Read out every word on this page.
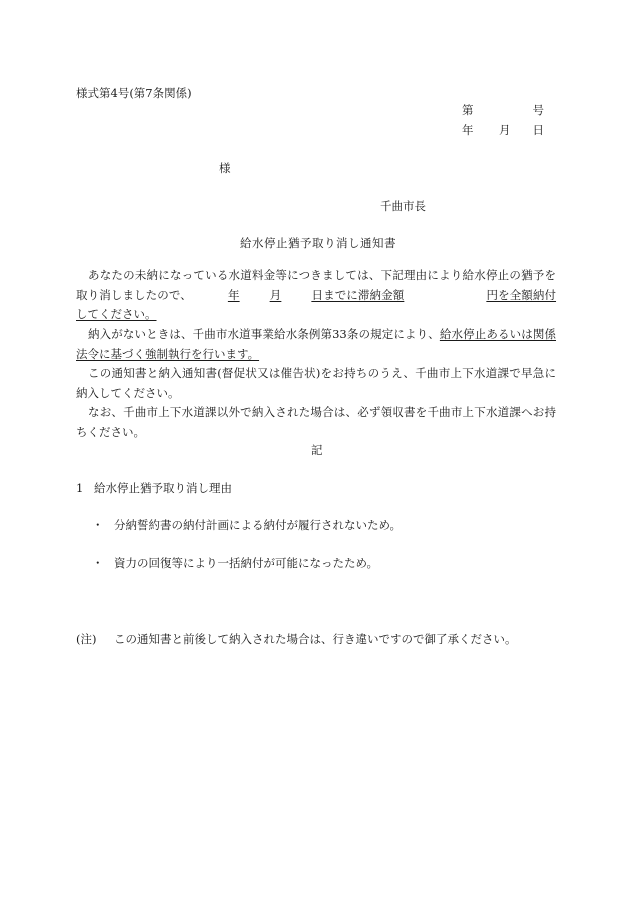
様式第4号(第7条関係)
第	号
年 月 日
様
千曲市長
給水停止猶予取り消し通知書
あなたの未納になっている水道料金等につきましては、下記理由により給水停止の猶予を取り消しましたので、	年	月	日までに滞納金額	円を全額納付してください。
納入がないときは、千曲市水道事業給水条例第33条の規定により、給水停止あるいは関係法令に基づく強制執行を行います。
この通知書と納入通知書(督促状又は催告状)をお持ちのうえ、千曲市上下水道課で早急に納入してください。
なお、千曲市上下水道課以外で納入された場合は、必ず領収書を千曲市上下水道課へお持ちください。
記
1 給水停止猶予取り消し理由
・ 分納誓約書の納付計画による納付が履行されないため。
・ 資力の回復等により一括納付が可能になったため。
(注) この通知書と前後して納入された場合は、行き違いですので御了承ください。
